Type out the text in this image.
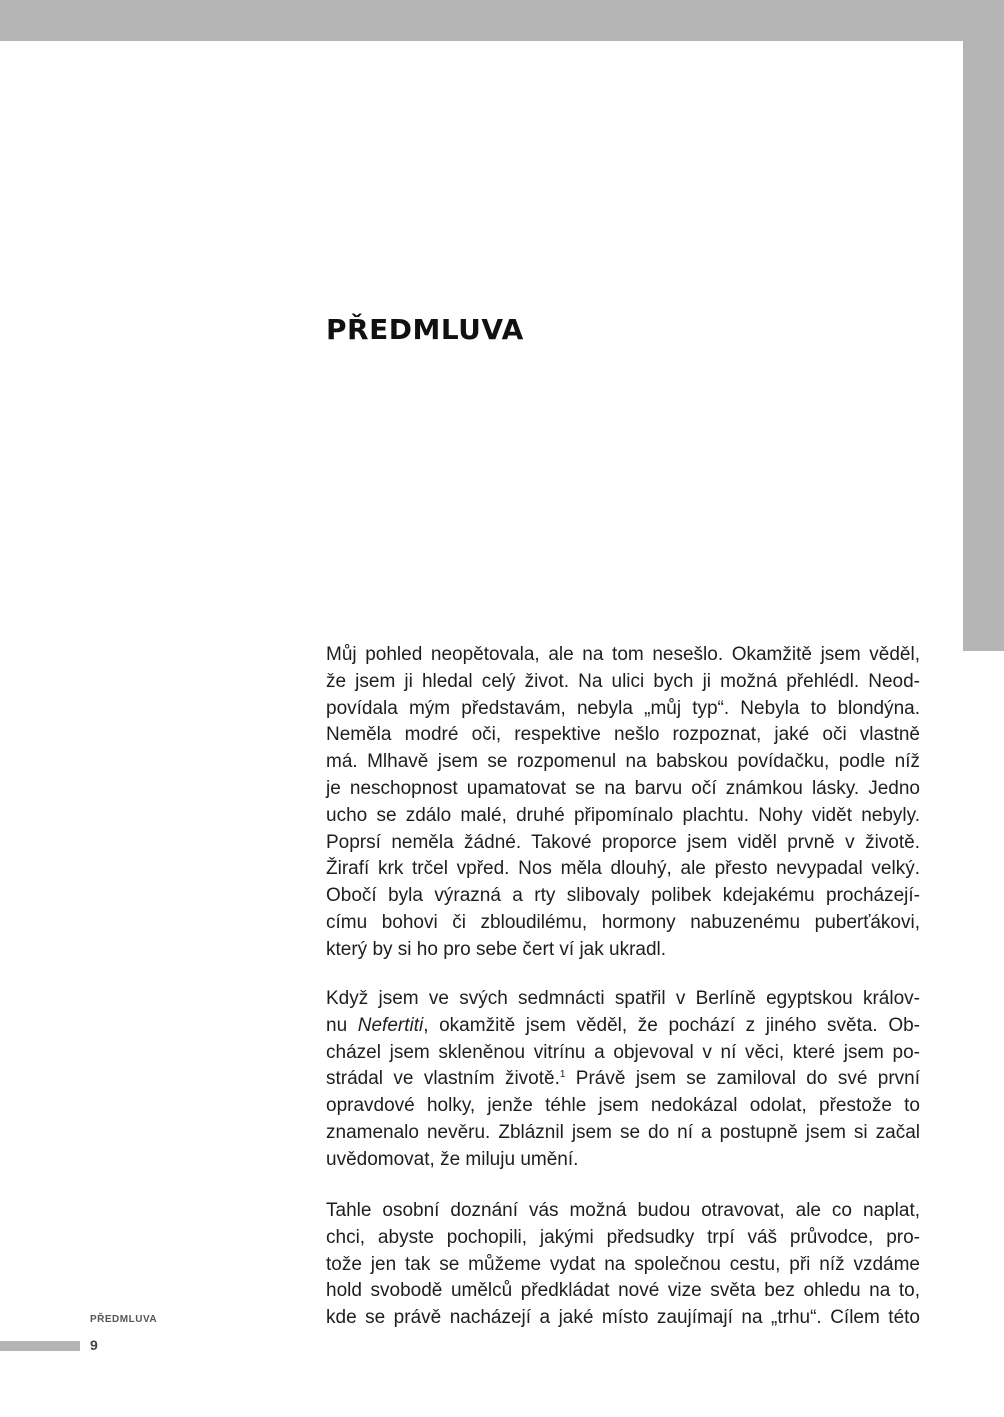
PŘEDMLUVA
Můj pohled neopětovala, ale na tom nesešlo. Okamžitě jsem věděl,
že jsem ji hledal celý život. Na ulici bych ji možná přehlédl. Neod-
povídala mým představám, nebyla „můj typ“. Nebyla to blondýna.
Neměla modré oči, respektive nešlo rozpoznat, jaké oči vlastně
má. Mlhavě jsem se rozpomenul na babskou povídačku, podle níž
je neschopnost upamatovat se na barvu očí známkou lásky. Jedno
ucho se zdálo malé, druhé připomínalo plachtu. Nohy vidět nebyly.
Poprsí neměla žádné. Takové proporce jsem viděl prvně v životě.
Žirafí krk trčel vpřed. Nos měla dlouhý, ale přesto nevypadal velký.
Obočí byla výrazná a rty slibovaly polibek kdejakému procházejí-
címu bohovi či zbloudilému, hormony nabuzenému puberťákovi,
který by si ho pro sebe čert ví jak ukradl.
Když jsem ve svých sedmnácti spatřil v Berlíně egyptskou králov-
nu Nefertiti, okamžitě jsem věděl, že pochází z jiného světa. Ob-
cházel jsem skleněnou vitrínu a objevoval v ní věci, které jsem po-
strádal ve vlastním životě.$^1$ Právě jsem se zamiloval do své první
opravdové holky, jenže téhle jsem nedokázal odolat, přestože to
znamenalo nevěru. Zbláznil jsem se do ní a postupně jsem si začal
uvědomovat, že miluju umění.
Tahle osobní doznání vás možná budou otravovat, ale co naplat,
chci, abyste pochopili, jakými předsudky trpí váš průvodce, pro-
tože jen tak se můžeme vydat na společnou cestu, při níž vzdáme
hold svobodě umělců předkládat nové vize světa bez ohledu na to,
kde se právě nacházejí a jaké místo zaujímají na „trhu“. Cílem této
PŘEDMLUVA
9
